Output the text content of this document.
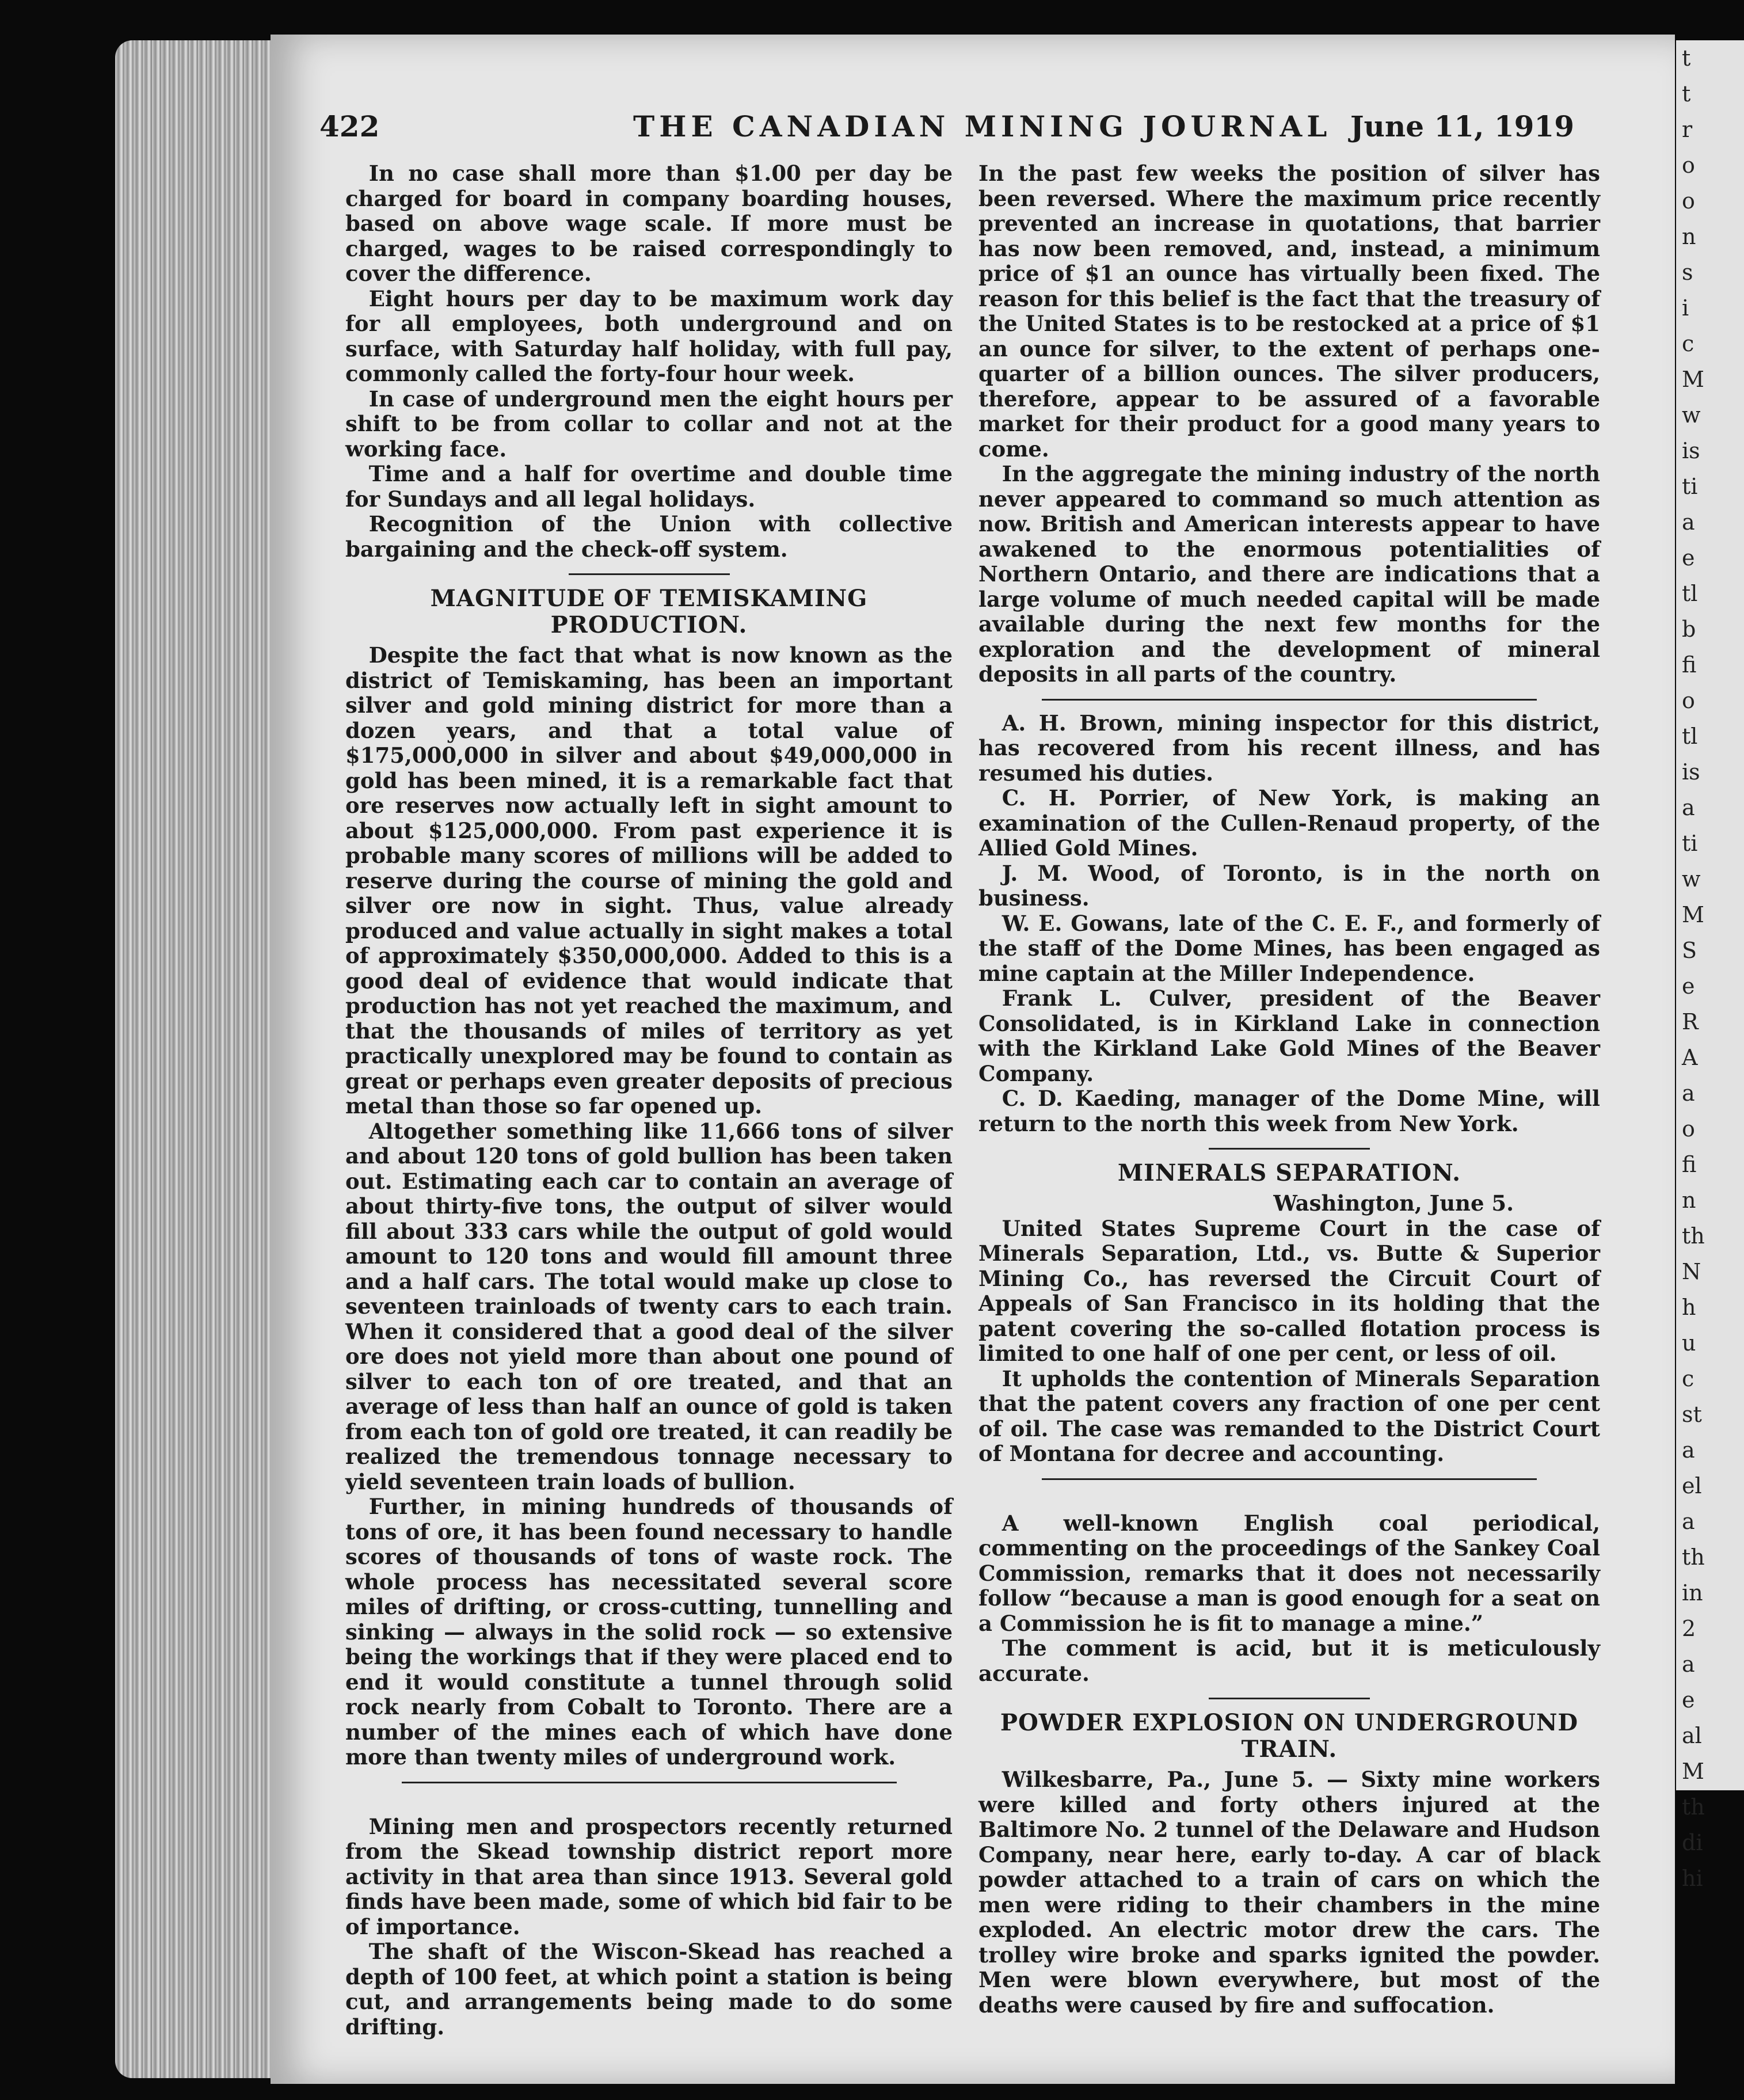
t
t
r
o
o
n
s
i
c
M
w
is
ti
a
e
tl
b
fi
o
tl
is
a
ti
w
M
S
e
R
A
a
o
fi
n
th
N
h
u
c
st
a
el
a
th
in
2
a
e
al
M
th
di
hi
422	THE CANADIAN MINING JOURNAL June 11, 1919

In no case shall more than $1.00 per day be charged for board in company boarding houses, based on above wage scale. If more must be charged, wages to be raised correspondingly to cover the difference.

Eight hours per day to be maximum work day for all employees, both underground and on surface, with Saturday half holiday, with full pay, commonly called the forty-four hour week.

In case of underground men the eight hours per shift to be from collar to collar and not at the working face.

Time and a half for overtime and double time for Sundays and all legal holidays.

Recognition of the Union with collective bargaining and the check-off system.

MAGNITUDE OF TEMISKAMING PRODUCTION.

Despite the fact that what is now known as the district of Temiskaming, has been an important silver and gold mining district for more than a dozen years, and that a total value of $175,000,000 in silver and about $49,000,000 in gold has been mined, it is a remarkable fact that ore reserves now actually left in sight amount to about $125,000,000. From past experience it is probable many scores of millions will be added to reserve during the course of mining the gold and silver ore now in sight. Thus, value already produced and value actually in sight makes a total of approximately $350,000,000. Added to this is a good deal of evidence that would indicate that production has not yet reached the maximum, and that the thousands of miles of territory as yet practically unexplored may be found to contain as great or perhaps even greater deposits of precious metal than those so far opened up.

Altogether something like 11,666 tons of silver and about 120 tons of gold bullion has been taken out. Estimating each car to contain an average of about thirty-five tons, the output of silver would fill about 333 cars while the output of gold would amount to 120 tons and would fill amount three and a half cars. The total would make up close to seventeen trainloads of twenty cars to each train. When it considered that a good deal of the silver ore does not yield more than about one pound of silver to each ton of ore treated, and that an average of less than half an ounce of gold is taken from each ton of gold ore treated, it can readily be realized the tremendous tonnage necessary to yield seventeen train loads of bullion.

Further, in mining hundreds of thousands of tons of ore, it has been found necessary to handle scores of thousands of tons of waste rock. The whole process has necessitated several score miles of drifting, or cross-cutting, tunnelling and sinking — always in the solid rock — so extensive being the workings that if they were placed end to end it would constitute a tunnel through solid rock nearly from Cobalt to Toronto. There are a number of the mines each of which have done more than twenty miles of underground work.

Mining men and prospectors recently returned from the Skead township district report more activity in that area than since 1913. Several gold finds have been made, some of which bid fair to be of importance.

The shaft of the Wiscon-Skead has reached a depth of 100 feet, at which point a station is being cut, and arrangements being made to do some drifting.

In the past few weeks the position of silver has been reversed. Where the maximum price recently prevented an increase in quotations, that barrier has now been removed, and, instead, a minimum price of $1 an ounce has virtually been fixed. The reason for this belief is the fact that the treasury of the United States is to be restocked at a price of $1 an ounce for silver, to the extent of perhaps one-quarter of a billion ounces. The silver producers, therefore, appear to be assured of a favorable market for their product for a good many years to come.

In the aggregate the mining industry of the north never appeared to command so much attention as now. British and American interests appear to have awakened to the enormous potentialities of Northern Ontario, and there are indications that a large volume of much needed capital will be made available during the next few months for the exploration and the development of mineral deposits in all parts of the country.

A. H. Brown, mining inspector for this district, has recovered from his recent illness, and has resumed his duties.

C. H. Porrier, of New York, is making an examination of the Cullen-Renaud property, of the Allied Gold Mines.

J. M. Wood, of Toronto, is in the north on business.

W. E. Gowans, late of the C. E. F., and formerly of the staff of the Dome Mines, has been engaged as mine captain at the Miller Independence.

Frank L. Culver, president of the Beaver Consolidated, is in Kirkland Lake in connection with the Kirkland Lake Gold Mines of the Beaver Company.

C. D. Kaeding, manager of the Dome Mine, will return to the north this week from New York.

MINERALS SEPARATION.

Washington, June 5.

United States Supreme Court in the case of Minerals Separation, Ltd., vs. Butte & Superior Mining Co., has reversed the Circuit Court of Appeals of San Francisco in its holding that the patent covering the so-called flotation process is limited to one half of one per cent, or less of oil.

It upholds the contention of Minerals Separation that the patent covers any fraction of one per cent of oil. The case was remanded to the District Court of Montana for decree and accounting.

A well-known English coal periodical, commenting on the proceedings of the Sankey Coal Commission, remarks that it does not necessarily follow “because a man is good enough for a seat on a Commission he is fit to manage a mine.”

The comment is acid, but it is meticulously accurate.

POWDER EXPLOSION ON UNDERGROUND
TRAIN.

Wilkesbarre, Pa., June 5. — Sixty mine workers were killed and forty others injured at the Baltimore No. 2 tunnel of the Delaware and Hudson Company, near here, early to-day. A car of black powder attached to a train of cars on which the men were riding to their chambers in the mine exploded. An electric motor drew the cars. The trolley wire broke and sparks ignited the powder. Men were blown everywhere, but most of the deaths were caused by fire and suffocation.
